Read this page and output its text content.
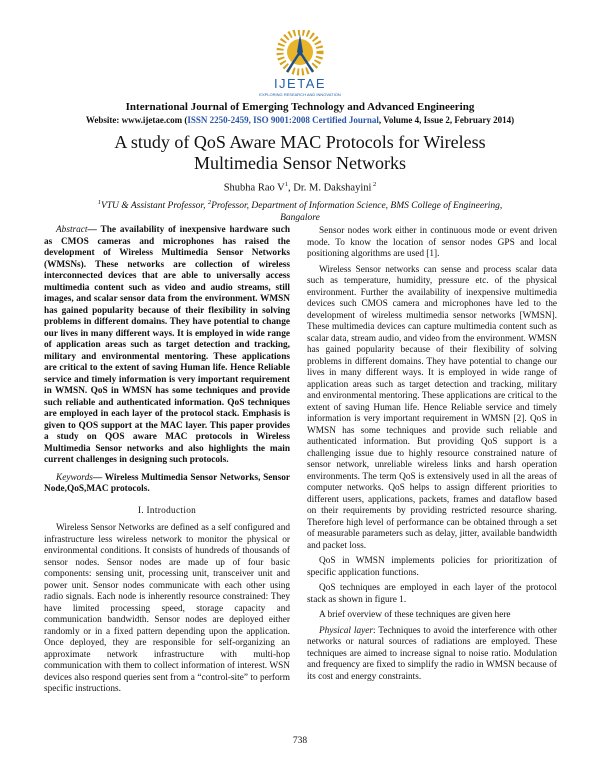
IJETAE
EXPLORING RESEARCH AND INNOVATION
International Journal of Emerging Technology and Advanced Engineering
Website: www.ijetae.com (ISSN 2250-2459, ISO 9001:2008 Certified Journal, Volume 4, Issue 2, February 2014)
A study of QoS Aware MAC Protocols for Wireless
Multimedia Sensor Networks
Shubha Rao $V^1$, Dr. M. Dakshayini $^2$
$^1$VTU & Assistant Professor, $^2$Professor, Department of Information Science, BMS College of Engineering,
Bangalore

Abstract— The availability of inexpensive hardware such as CMOS cameras and microphones has raised the development of Wireless Multimedia Sensor Networks (WMSNs). These networks are collection of wireless interconnected devices that are able to universally access multimedia content such as video and audio streams, still images, and scalar sensor data from the environment. WMSN has gained popularity because of their flexibility in solving problems in different domains. They have potential to change our lives in many different ways. It is employed in wide range of application areas such as target detection and tracking, military and environmental mentoring. These applications are critical to the extent of saving Human life. Hence Reliable service and timely information is very important requirement in WMSN. QoS in WMSN has some techniques and provide such reliable and authenticated information. QoS techniques are employed in each layer of the protocol stack. Emphasis is given to QOS support at the MAC layer. This paper provides a study on QOS aware MAC protocols in Wireless Multimedia Sensor networks and also highlights the main current challenges in designing such protocols.

Keywords— Wireless Multimedia Sensor Networks, Sensor Node,QoS,MAC protocols.

I. Introduction

Wireless Sensor Networks are defined as a self configured and infrastructure less wireless network to monitor the physical or environmental conditions. It consists of hundreds of thousands of sensor nodes. Sensor nodes are made up of four basic components: sensing unit, processing unit, transceiver unit and power unit. Sensor nodes communicate with each other using radio signals. Each node is inherently resource constrained: They have limited processing speed, storage capacity and communication bandwidth. Sensor nodes are deployed either randomly or in a fixed pattern depending upon the application. Once deployed, they are responsible for self-organizing an approximate network infrastructure with multi-hop communication with them to collect information of interest. WSN devices also respond queries sent from a “control-site” to perform specific instructions.

Sensor nodes work either in continuous mode or event driven mode. To know the location of sensor nodes GPS and local positioning algorithms are used [1].

Wireless Sensor networks can sense and process scalar data such as temperature, humidity, pressure etc. of the physical environment. Further the availability of inexpensive multimedia devices such CMOS camera and microphones have led to the development of wireless multimedia sensor networks [WMSN]. These multimedia devices can capture multimedia content such as scalar data, stream audio, and video from the environment. WMSN has gained popularity because of their flexibility of solving problems in different domains. They have potential to change our lives in many different ways. It is employed in wide range of application areas such as target detection and tracking, military and environmental mentoring. These applications are critical to the extent of saving Human life. Hence Reliable service and timely information is very important requirement in WMSN [2]. QoS in WMSN has some techniques and provide such reliable and authenticated information. But providing QoS support is a challenging issue due to highly resource constrained nature of sensor network, unreliable wireless links and harsh operation environments. The term QoS is extensively used in all the areas of computer networks. QoS helps to assign different priorities to different users, applications, packets, frames and dataflow based on their requirements by providing restricted resource sharing. Therefore high level of performance can be obtained through a set of measurable parameters such as delay, jitter, available bandwidth and packet loss.

QoS in WMSN implements policies for prioritization of specific application functions.

QoS techniques are employed in each layer of the protocol stack as shown in figure 1.

A brief overview of these techniques are given here

Physical layer: Techniques to avoid the interference with other networks or natural sources of radiations are employed. These techniques are aimed to increase signal to noise ratio. Modulation and frequency are fixed to simplify the radio in WMSN because of its cost and energy constraints.

738
